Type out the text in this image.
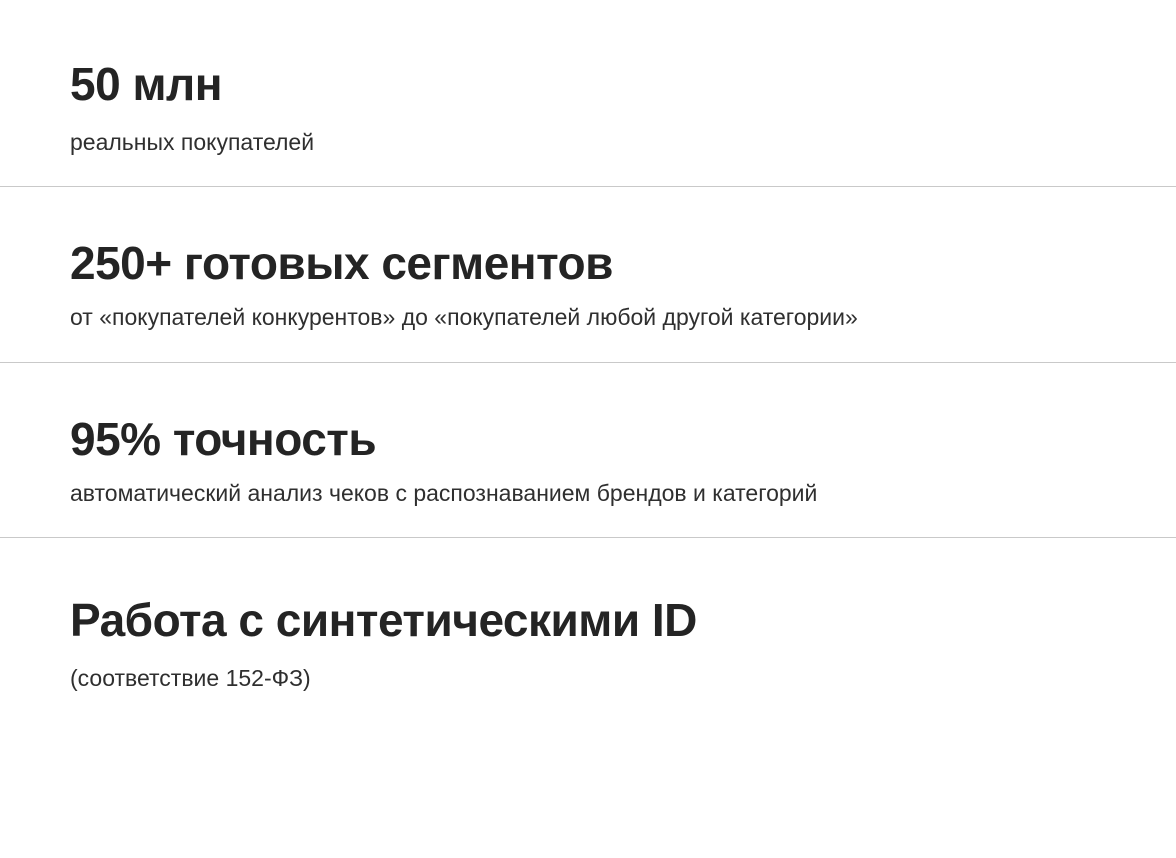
50 млн
реальных покупателей
250+ готовых сегментов
от «покупателей конкурентов» до «покупателей любой другой категории»
95% точность
автоматический анализ чеков с распознаванием брендов и категорий
Работа с синтетическими ID
(соответствие 152-ФЗ)
